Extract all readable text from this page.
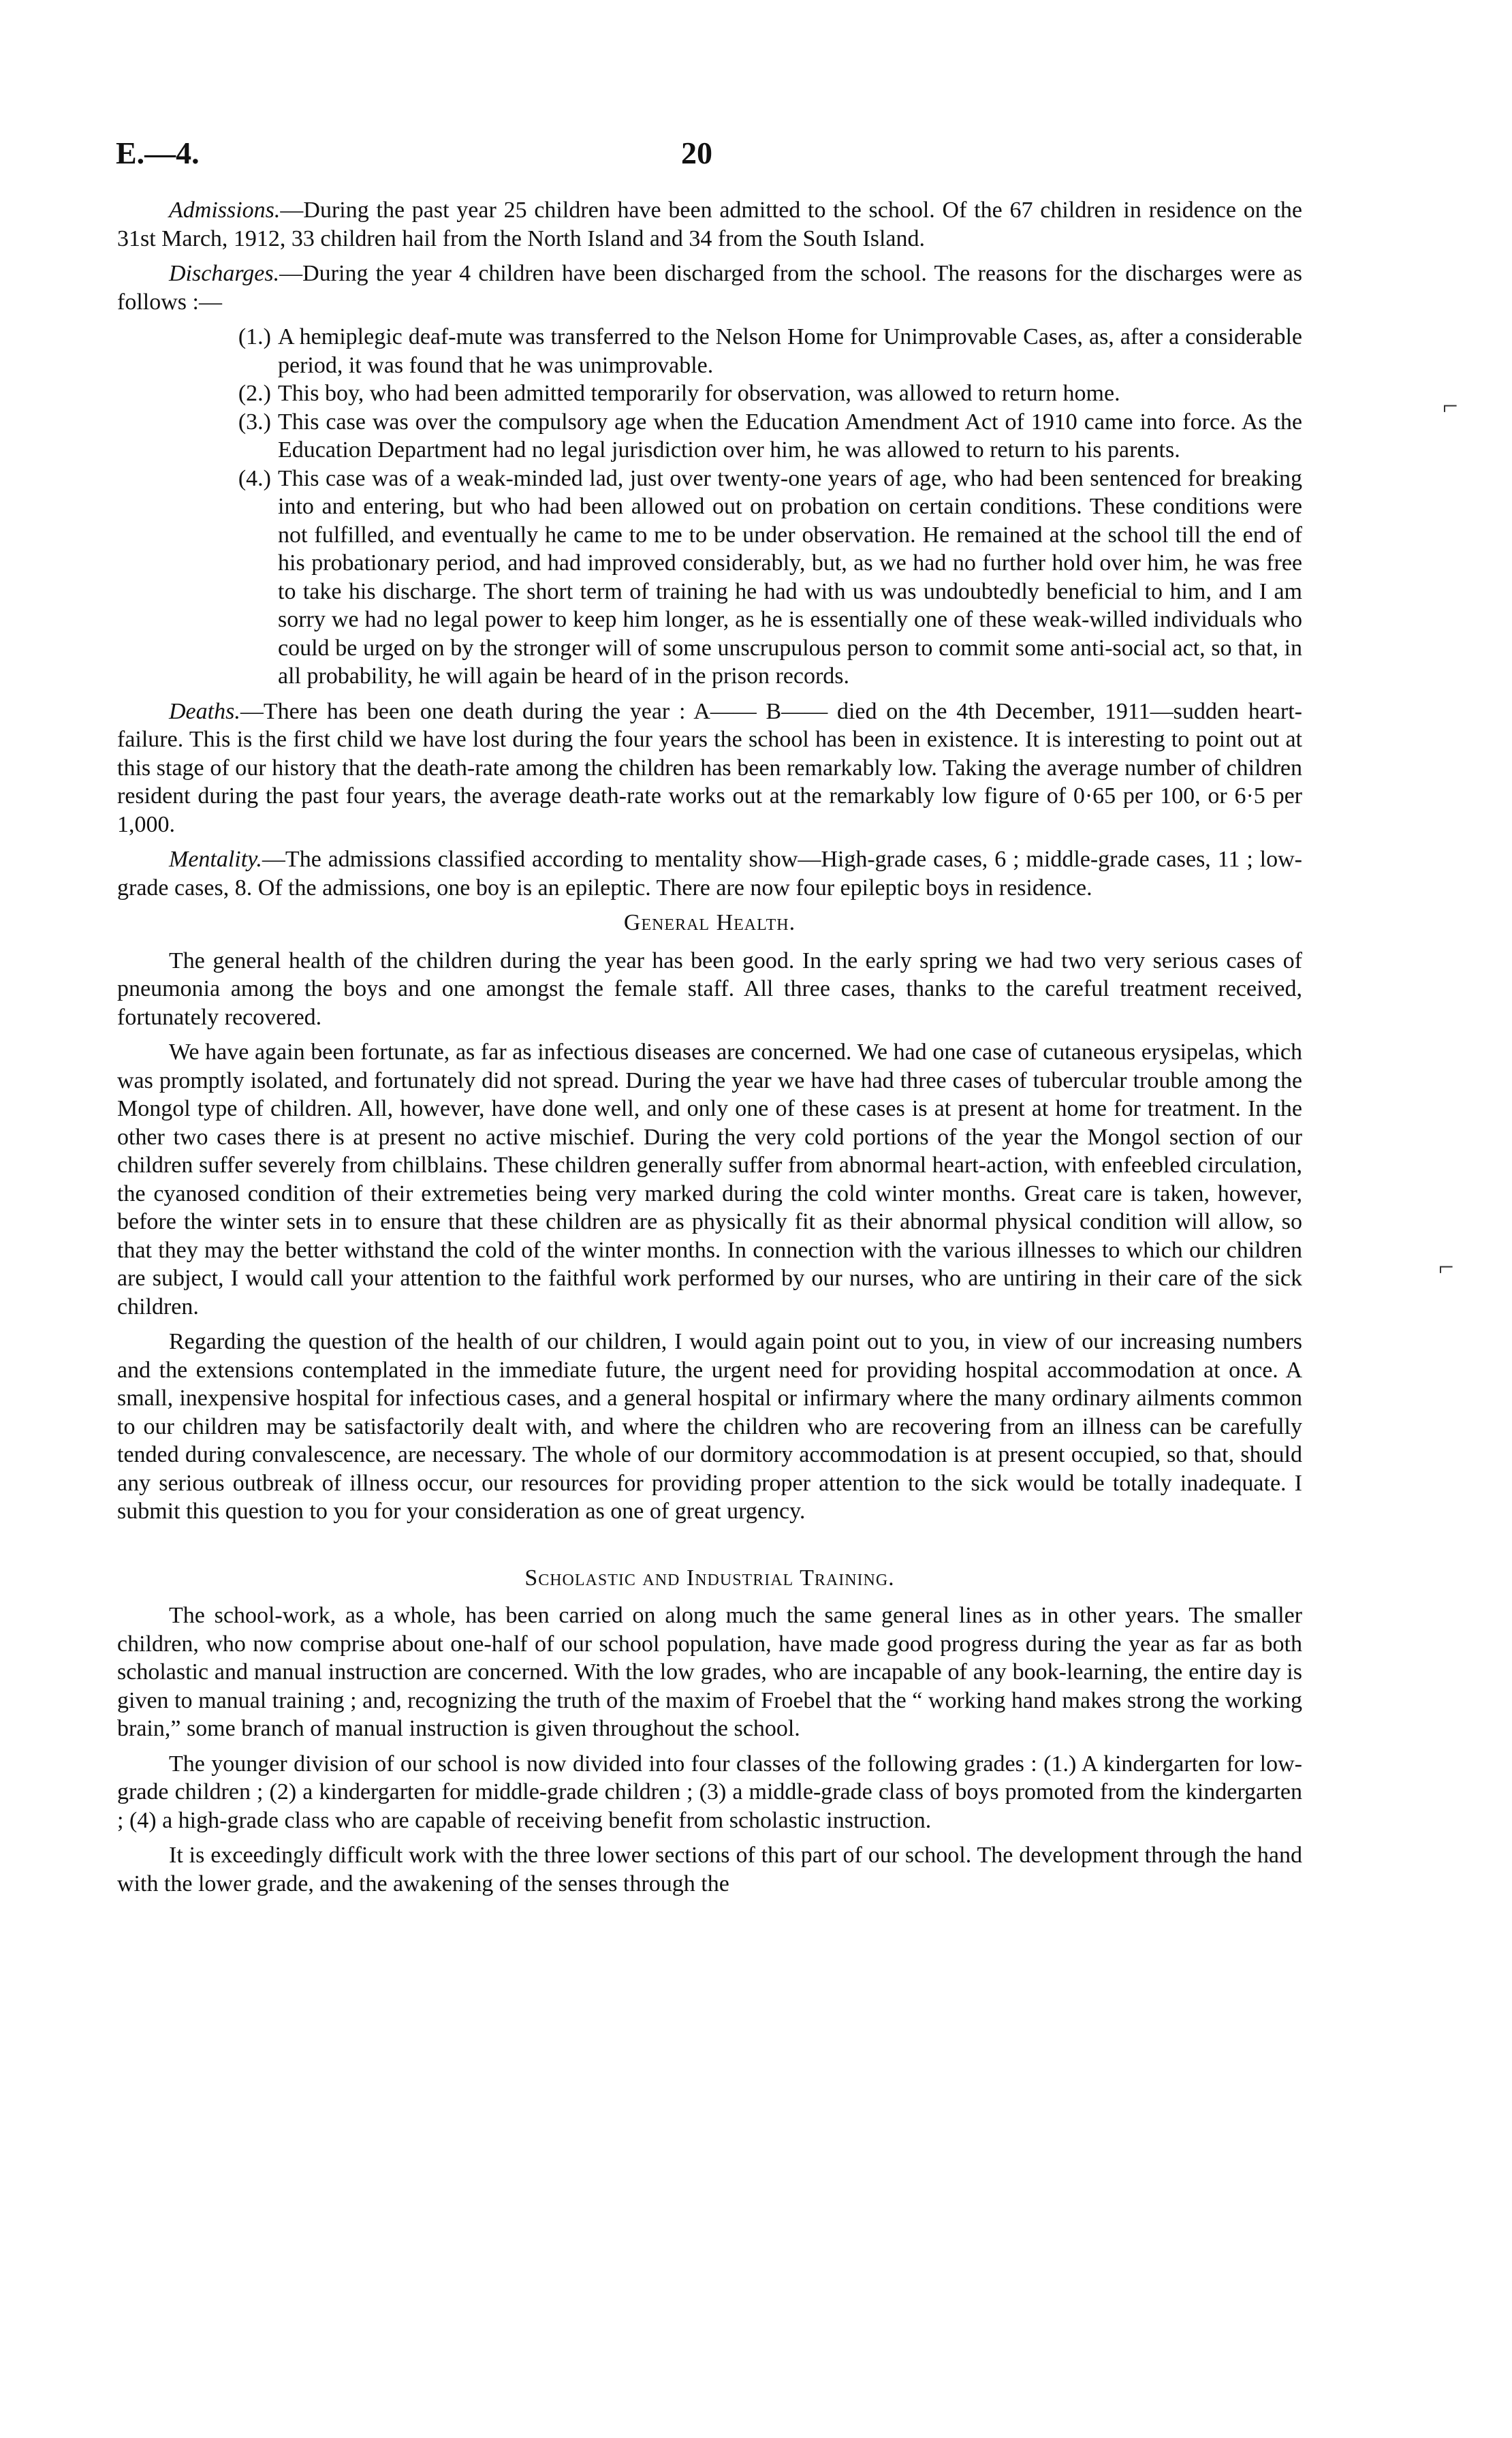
E.—4.	20
⌐
⌐

Admissions.—During the past year 25 children have been admitted to the school. Of the 67 children in residence on the 31st March, 1912, 33 children hail from the North Island and 34 from the South Island.

Discharges.—During the year 4 children have been discharged from the school. The reasons for the discharges were as follows :—

(1.) A hemiplegic deaf-mute was transferred to the Nelson Home for Unimprovable Cases, as, after a considerable period, it was found that he was unimprovable.
(2.) This boy, who had been admitted temporarily for observation, was allowed to return home.
(3.) This case was over the compulsory age when the Education Amendment Act of 1910 came into force. As the Education Department had no legal jurisdiction over him, he was allowed to return to his parents.
(4.) This case was of a weak-minded lad, just over twenty-one years of age, who had been sentenced for breaking into and entering, but who had been allowed out on probation on certain conditions. These conditions were not fulfilled, and eventually he came to me to be under observation. He remained at the school till the end of his probationary period, and had improved considerably, but, as we had no further hold over him, he was free to take his discharge. The short term of training he had with us was undoubtedly beneficial to him, and I am sorry we had no legal power to keep him longer, as he is essentially one of these weak-willed individuals who could be urged on by the stronger will of some unscrupulous person to commit some anti-social act, so that, in all probability, he will again be heard of in the prison records.

Deaths.—There has been one death during the year : A—— B—— died on the 4th December, 1911—sudden heart-failure. This is the first child we have lost during the four years the school has been in existence. It is interesting to point out at this stage of our history that the death-rate among the children has been remarkably low. Taking the average number of children resident during the past four years, the average death-rate works out at the remarkably low figure of 0·65 per 100, or 6·5 per 1,000.

Mentality.—The admissions classified according to mentality show—High-grade cases, 6 ; middle-grade cases, 11 ; low-grade cases, 8. Of the admissions, one boy is an epileptic. There are now four epileptic boys in residence.

General Health.

The general health of the children during the year has been good. In the early spring we had two very serious cases of pneumonia among the boys and one amongst the female staff. All three cases, thanks to the careful treatment received, fortunately recovered.

We have again been fortunate, as far as infectious diseases are concerned. We had one case of cutaneous erysipelas, which was promptly isolated, and fortunately did not spread. During the year we have had three cases of tubercular trouble among the Mongol type of children. All, however, have done well, and only one of these cases is at present at home for treatment. In the other two cases there is at present no active mischief. During the very cold portions of the year the Mongol section of our children suffer severely from chilblains. These children generally suffer from abnormal heart-action, with enfeebled circulation, the cyanosed condition of their extremeties being very marked during the cold winter months. Great care is taken, however, before the winter sets in to ensure that these children are as physically fit as their abnormal physical condition will allow, so that they may the better withstand the cold of the winter months. In connection with the various illnesses to which our children are subject, I would call your attention to the faithful work performed by our nurses, who are untiring in their care of the sick children.

Regarding the question of the health of our children, I would again point out to you, in view of our increasing numbers and the extensions contemplated in the immediate future, the urgent need for providing hospital accommodation at once. A small, inexpensive hospital for infectious cases, and a general hospital or infirmary where the many ordinary ailments common to our children may be satisfactorily dealt with, and where the children who are recovering from an illness can be carefully tended during convalescence, are necessary. The whole of our dormitory accommodation is at present occupied, so that, should any serious outbreak of illness occur, our resources for providing proper attention to the sick would be totally inadequate. I submit this question to you for your consideration as one of great urgency.

Scholastic and Industrial Training.

The school-work, as a whole, has been carried on along much the same general lines as in other years. The smaller children, who now comprise about one-half of our school population, have made good progress during the year as far as both scholastic and manual instruction are concerned. With the low grades, who are incapable of any book-learning, the entire day is given to manual training ; and, recognizing the truth of the maxim of Froebel that the “ working hand makes strong the working brain,” some branch of manual instruction is given throughout the school.

The younger division of our school is now divided into four classes of the following grades : (1.) A kindergarten for low-grade children ; (2) a kindergarten for middle-grade children ; (3) a middle-grade class of boys promoted from the kindergarten ; (4) a high-grade class who are capable of receiving benefit from scholastic instruction.

It is exceedingly difficult work with the three lower sections of this part of our school. The development through the hand with the lower grade, and the awakening of the senses through the
